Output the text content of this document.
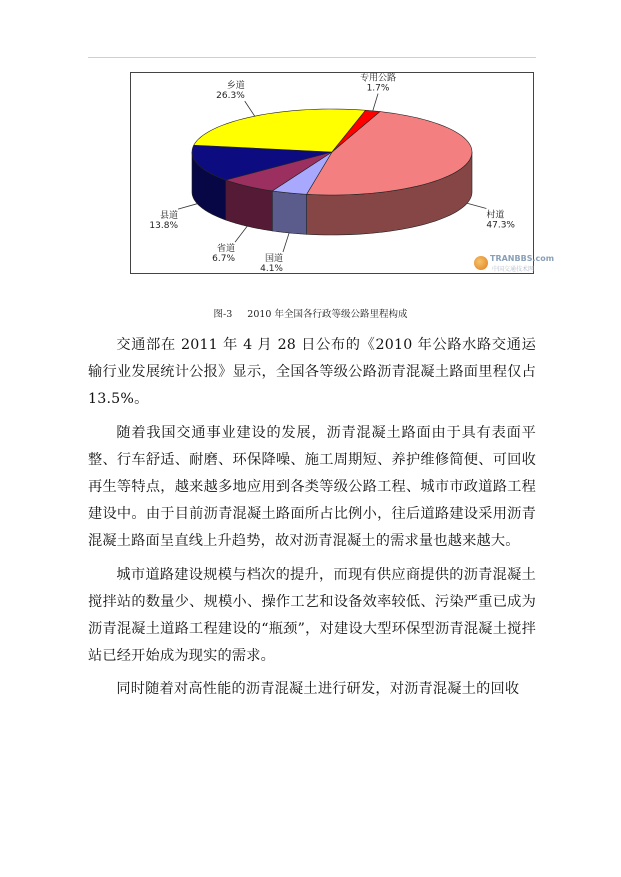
村道
47.3%
国道
4.1%
省道
6.7%
县道
13.8%
乡道
26.3%
专用公路
1.7%
TRANBBS.com
中国交通技术网
图-3 2010 年全国各行政等级公路里程构成

交通部在 2011 年 4 月 28 日公布的《2010 年公路水路交通运输行业发展统计公报》显示，全国各等级公路沥青混凝土路面里程仅占 13.5%。

随着我国交通事业建设的发展，沥青混凝土路面由于具有表面平整、行车舒适、耐磨、环保降噪、施工周期短、养护维修简便、可回收再生等特点，越来越多地应用到各类等级公路工程、城市市政道路工程建设中。由于目前沥青混凝土路面所占比例小，往后道路建设采用沥青混凝土路面呈直线上升趋势，故对沥青混凝土的需求量也越来越大。

城市道路建设规模与档次的提升，而现有供应商提供的沥青混凝土搅拌站的数量少、规模小、操作工艺和设备效率较低、污染严重已成为沥青混凝土道路工程建设的“瓶颈”，对建设大型环保型沥青混凝土搅拌站已经开始成为现实的需求。

同时随着对高性能的沥青混凝土进行研发，对沥青混凝土的回收
